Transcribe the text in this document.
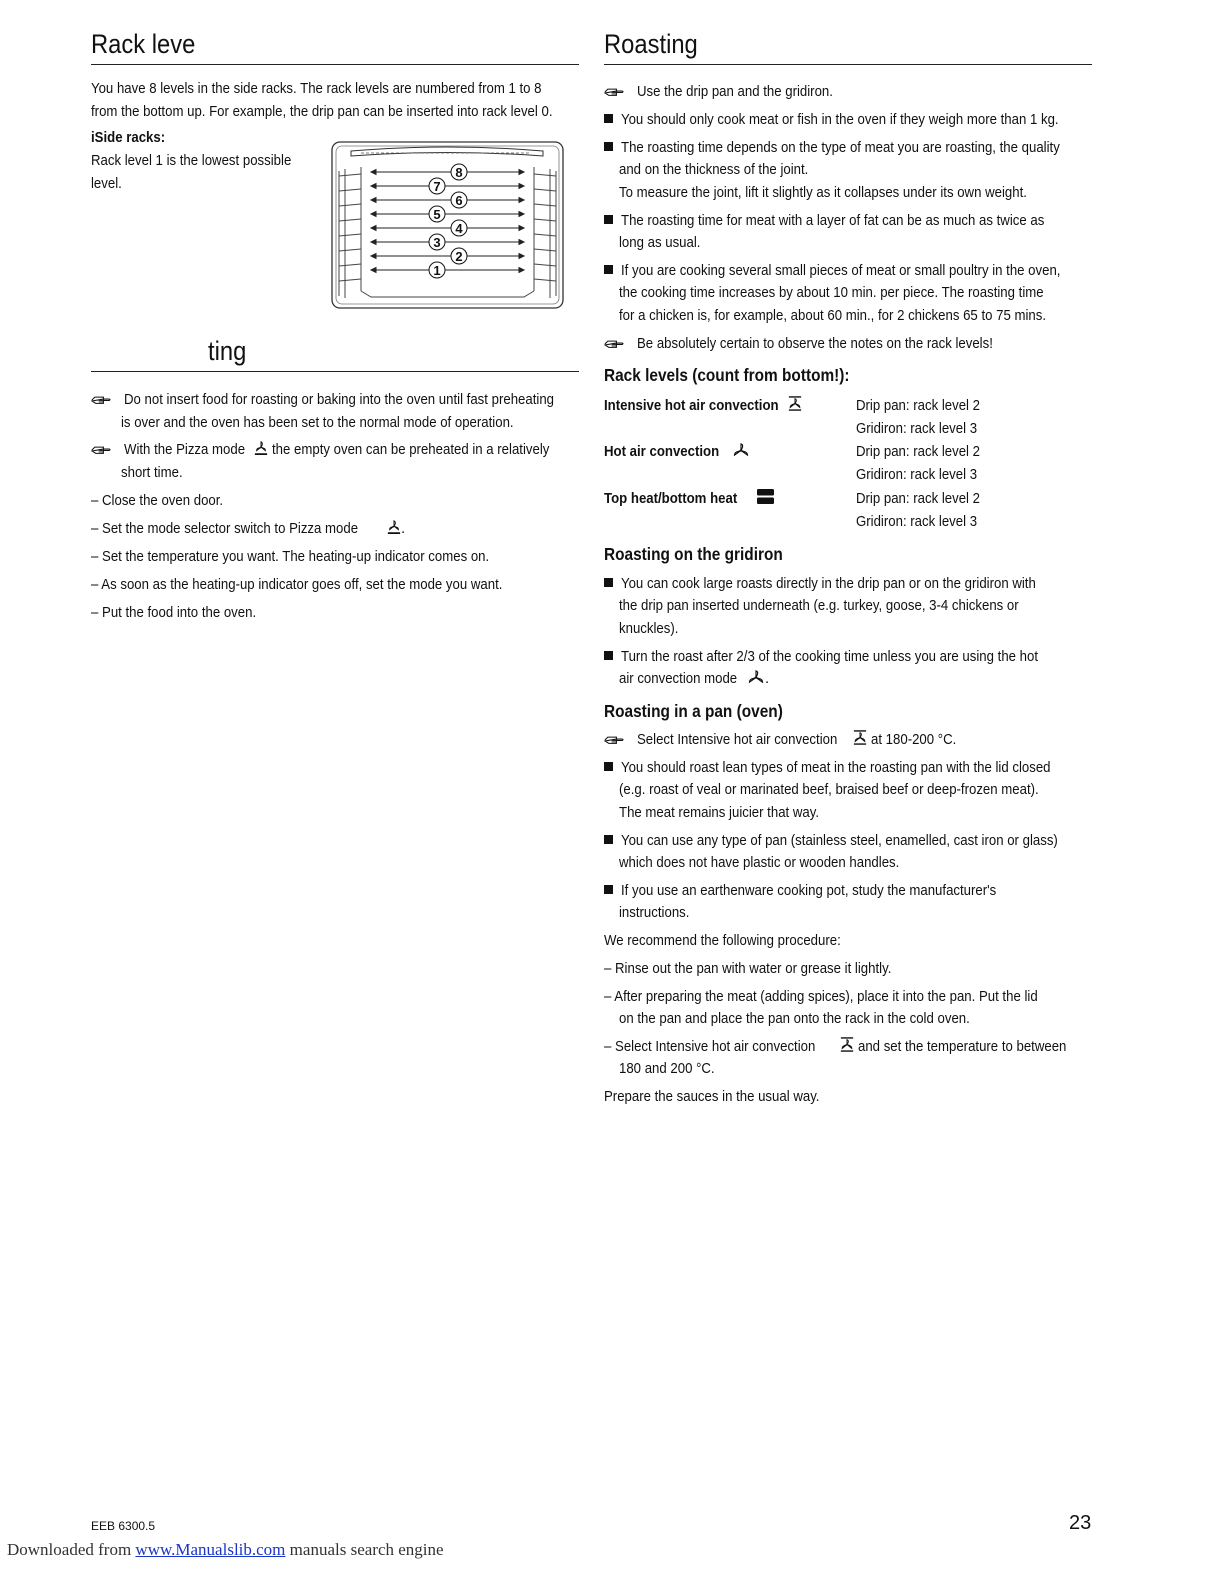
Rack leve
You have 8 levels in the side racks. The rack levels are numbered from 1 to 8
from the bottom up. For example, the drip pan can be inserted into rack level 0.
iSide racks:
Rack level 1 is the lowest possible
level.
8
7
6
5
4
3
2
1
ting
Do not insert food for roasting or baking into the oven until fast preheating
is over and the oven has been set to the normal mode of operation.
With the Pizza mode the empty oven can be preheated in a relatively
short time.
– Close the oven door.
– Set the mode selector switch to Pizza mode	.
– Set the temperature you want. The heating-up indicator comes on.
– As soon as the heating-up indicator goes off, set the mode you want.
– Put the food into the oven.
Roasting
Use the drip pan and the gridiron.
You should only cook meat or fish in the oven if they weigh more than 1 kg.
The roasting time depends on the type of meat you are roasting, the quality
and on the thickness of the joint.
To measure the joint, lift it slightly as it collapses under its own weight.
The roasting time for meat with a layer of fat can be as much as twice as
long as usual.
If you are cooking several small pieces of meat or small poultry in the oven,
the cooking time increases by about 10 min. per piece. The roasting time
for a chicken is, for example, about 60 min., for 2 chickens 65 to 75 mins.
Be absolutely certain to observe the notes on the rack levels!
Rack levels (count from bottom!):
Intensive hot air convection	Drip pan: rack level 2
Gridiron: rack level 3
Hot air convection	Drip pan: rack level 2
Gridiron: rack level 3
Top heat/bottom heat	Drip pan: rack level 2
Gridiron: rack level 3
Roasting on the gridiron
You can cook large roasts directly in the drip pan or on the gridiron with
the drip pan inserted underneath (e.g. turkey, goose, 3-4 chickens or
knuckles).
Turn the roast after 2/3 of the cooking time unless you are using the hot
air convection mode .
Roasting in a pan (oven)
Select Intensive hot air convection at 180-200 °C.
You should roast lean types of meat in the roasting pan with the lid closed
(e.g. roast of veal or marinated beef, braised beef or deep-frozen meat).
The meat remains juicier that way.
You can use any type of pan (stainless steel, enamelled, cast iron or glass)
which does not have plastic or wooden handles.
If you use an earthenware cooking pot, study the manufacturer's
instructions.
We recommend the following procedure:
– Rinse out the pan with water or grease it lightly.
– After preparing the meat (adding spices), place it into the pan. Put the lid
on the pan and place the pan onto the rack in the cold oven.
– Select Intensive hot air convection	and set the temperature to between
180 and 200 °C.
Prepare the sauces in the usual way.
EEB 6300.5	23
Downloaded from www.Manualslib.com manuals search engine
